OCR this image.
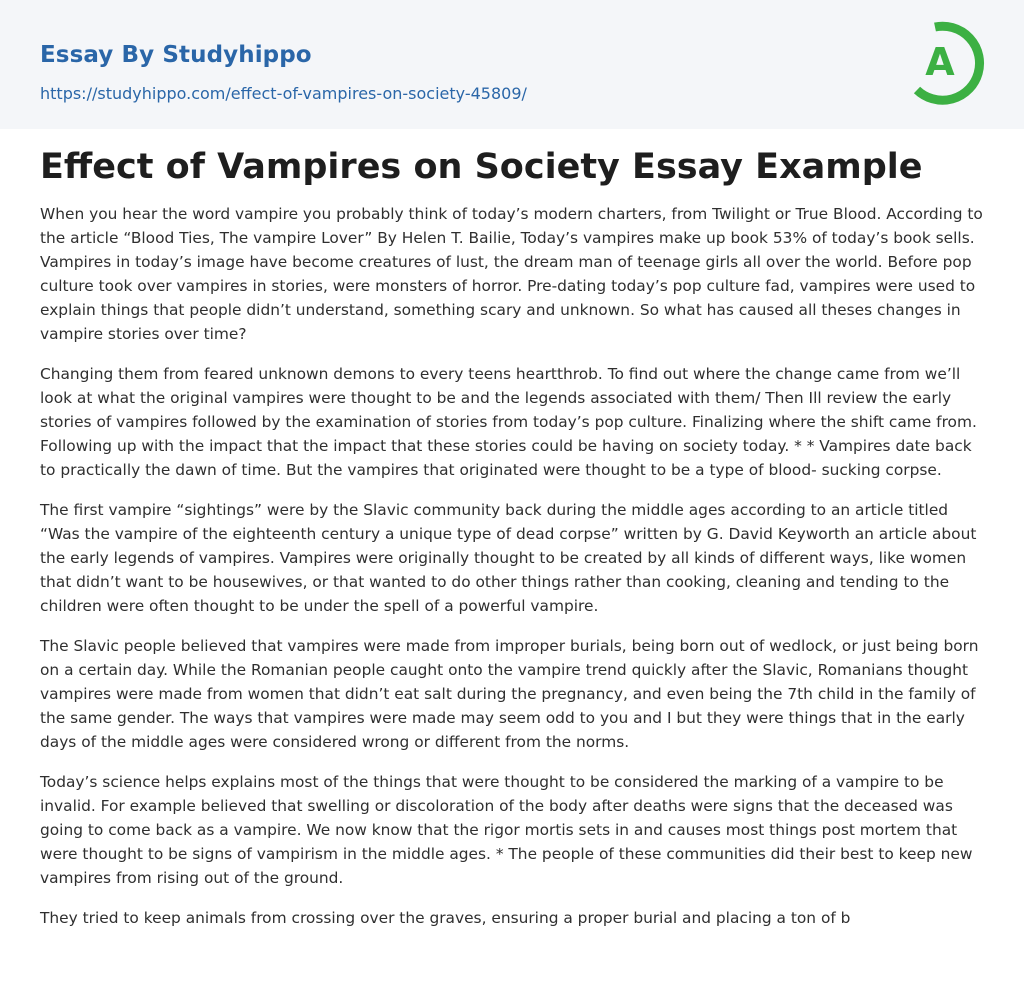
Essay By Studyhippo
https://studyhippo.com/effect-of-vampires-on-society-45809/
A
Effect of Vampires on Society Essay Example

When you hear the word vampire you probably think of today’s modern charters, from Twilight or True Blood. According to the article “Blood Ties, The vampire Lover” By Helen T. Bailie, Today’s vampires make up book 53% of today’s book sells. Vampires in today’s image have become creatures of lust, the dream man of teenage girls all over the world. Before pop culture took over vampires in stories, were monsters of horror. Pre-dating today’s pop culture fad, vampires were used to explain things that people didn’t understand, something scary and unknown. So what has caused all theses changes in vampire stories over time?

Changing them from feared unknown demons to every teens heartthrob. To find out where the change came from we’ll look at what the original vampires were thought to be and the legends associated with them/ Then Ill review the early stories of vampires followed by the examination of stories from today’s pop culture. Finalizing where the shift came from. Following up with the impact that the impact that these stories could be having on society today. * * Vampires date back to practically the dawn of time. But the vampires that originated were thought to be a type of blood- sucking corpse.

The first vampire “sightings” were by the Slavic community back during the middle ages according to an article titled “Was the vampire of the eighteenth century a unique type of dead corpse” written by G. David Keyworth an article about the early legends of vampires. Vampires were originally thought to be created by all kinds of different ways, like women that didn’t want to be housewives, or that wanted to do other things rather than cooking, cleaning and tending to the children were often thought to be under the spell of a powerful vampire.

The Slavic people believed that vampires were made from improper burials, being born out of wedlock, or just being born on a certain day. While the Romanian people caught onto the vampire trend quickly after the Slavic, Romanians thought vampires were made from women that didn’t eat salt during the pregnancy, and even being the 7th child in the family of the same gender. The ways that vampires were made may seem odd to you and I but they were things that in the early days of the middle ages were considered wrong or different from the norms.

Today’s science helps explains most of the things that were thought to be considered the marking of a vampire to be invalid. For example believed that swelling or discoloration of the body after deaths were signs that the deceased was going to come back as a vampire. We now know that the rigor mortis sets in and causes most things post mortem that were thought to be signs of vampirism in the middle ages. * The people of these communities did their best to keep new vampires from rising out of the ground.

They tried to keep animals from crossing over the graves, ensuring a proper burial and placing a ton of b
